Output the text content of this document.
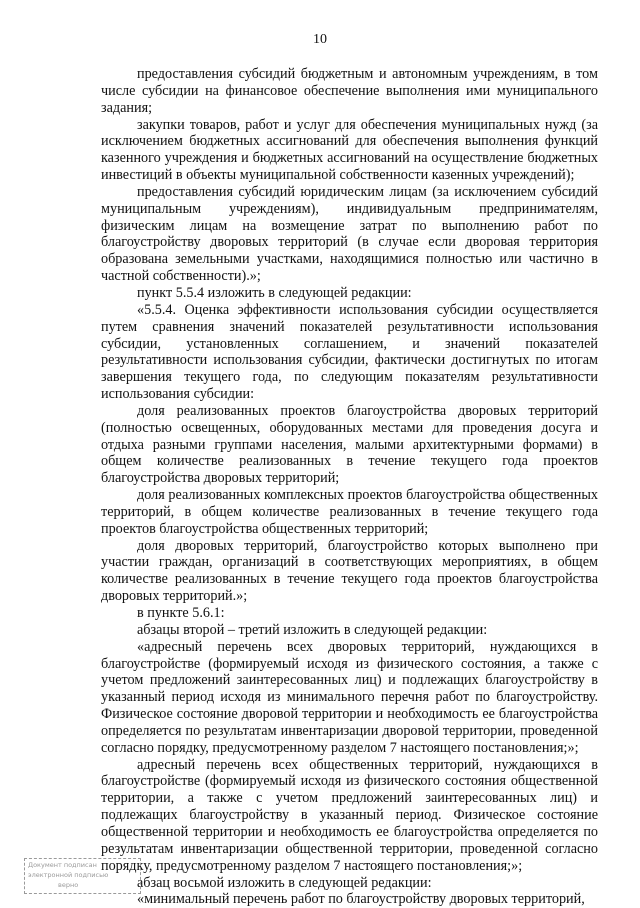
10

предоставления субсидий бюджетным и автономным учреждениям, в том числе субсидии на финансовое обеспечение выполнения ими муниципального задания;

закупки товаров, работ и услуг для обеспечения муниципальных нужд (за исключением бюджетных ассигнований для обеспечения выполнения функций казенного учреждения и бюджетных ассигнований на осуществление бюджетных инвестиций в объекты муниципальной собственности казенных учреждений);

предоставления субсидий юридическим лицам (за исключением субсидий муниципальным учреждениям), индивидуальным предпринимателям, физическим лицам на возмещение затрат по выполнению работ по благоустройству дворовых территорий (в случае если дворовая территория образована земельными участками, находящимися полностью или частично в частной собственности).»;

пункт 5.5.4 изложить в следующей редакции:

«5.5.4. Оценка эффективности использования субсидии осуществляется путем сравнения значений показателей результативности использования субсидии, установленных соглашением, и значений показателей результативности использования субсидии, фактически достигнутых по итогам завершения текущего года, по следующим показателям результативности использования субсидии:

доля реализованных проектов благоустройства дворовых территорий (полностью освещенных, оборудованных местами для проведения досуга и отдыха разными группами населения, малыми архитектурными формами) в общем количестве реализованных в течение текущего года проектов благоустройства дворовых территорий;

доля реализованных комплексных проектов благоустройства общественных территорий, в общем количестве реализованных в течение текущего года проектов благоустройства общественных территорий;

доля дворовых территорий, благоустройство которых выполнено при участии граждан, организаций в соответствующих мероприятиях, в общем количестве реализованных в течение текущего года проектов благоустройства дворовых территорий.»;

в пункте 5.6.1:

абзацы второй – третий изложить в следующей редакции:

«адресный перечень всех дворовых территорий, нуждающихся в благоустройстве (формируемый исходя из физического состояния, а также с учетом предложений заинтересованных лиц) и подлежащих благоустройству в указанный период исходя из минимального перечня работ по благоустройству. Физическое состояние дворовой территории и необходимость ее благоустройства определяется по результатам инвентаризации дворовой территории, проведенной согласно порядку, предусмотренному разделом 7 настоящего постановления;»;

адресный перечень всех общественных территорий, нуждающихся в благоустройстве (формируемый исходя из физического состояния общественной территории, а также с учетом предложений заинтересованных лиц) и подлежащих благоустройству в указанный период. Физическое состояние общественной территории и необходимость ее благоустройства определяется по результатам инвентаризации общественной территории, проведенной согласно порядку, предусмотренному разделом 7 настоящего постановления;»;

абзац восьмой изложить в следующей редакции:

«минимальный перечень работ по благоустройству дворовых территорий,

Документ подписан
электронной подписью
верно
